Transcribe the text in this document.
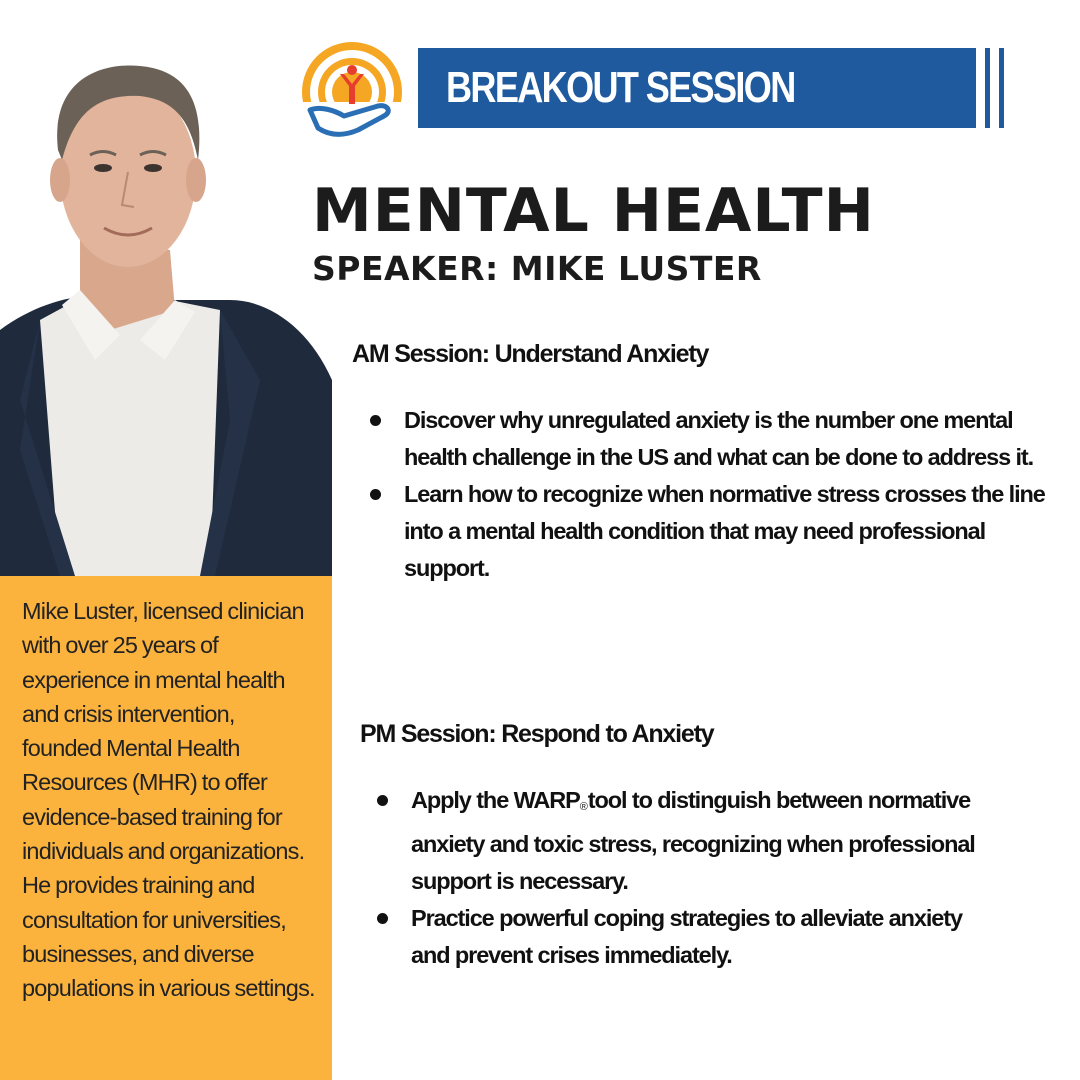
Mike Luster, licensed clinician with over 25 years of experience in mental health and crisis intervention, founded Mental Health Resources (MHR) to offer evidence-based training for individuals and organizations. He provides training and consultation for universities, businesses, and diverse populations in various settings.

BREAKOUT SESSION
MENTAL HEALTH
SPEAKER: MIKE LUSTER
AM Session: Understand Anxiety
Discover why unregulated anxiety is the number one mental health challenge in the US and what can be done to address it.
Learn how to recognize when normative stress crosses the line into a mental health condition that may need professional support.
PM Session: Respond to Anxiety
Apply the WARP®tool to distinguish between normative anxiety and toxic stress, recognizing when professional support is necessary.
Practice powerful coping strategies to alleviate anxiety and prevent crises immediately.
